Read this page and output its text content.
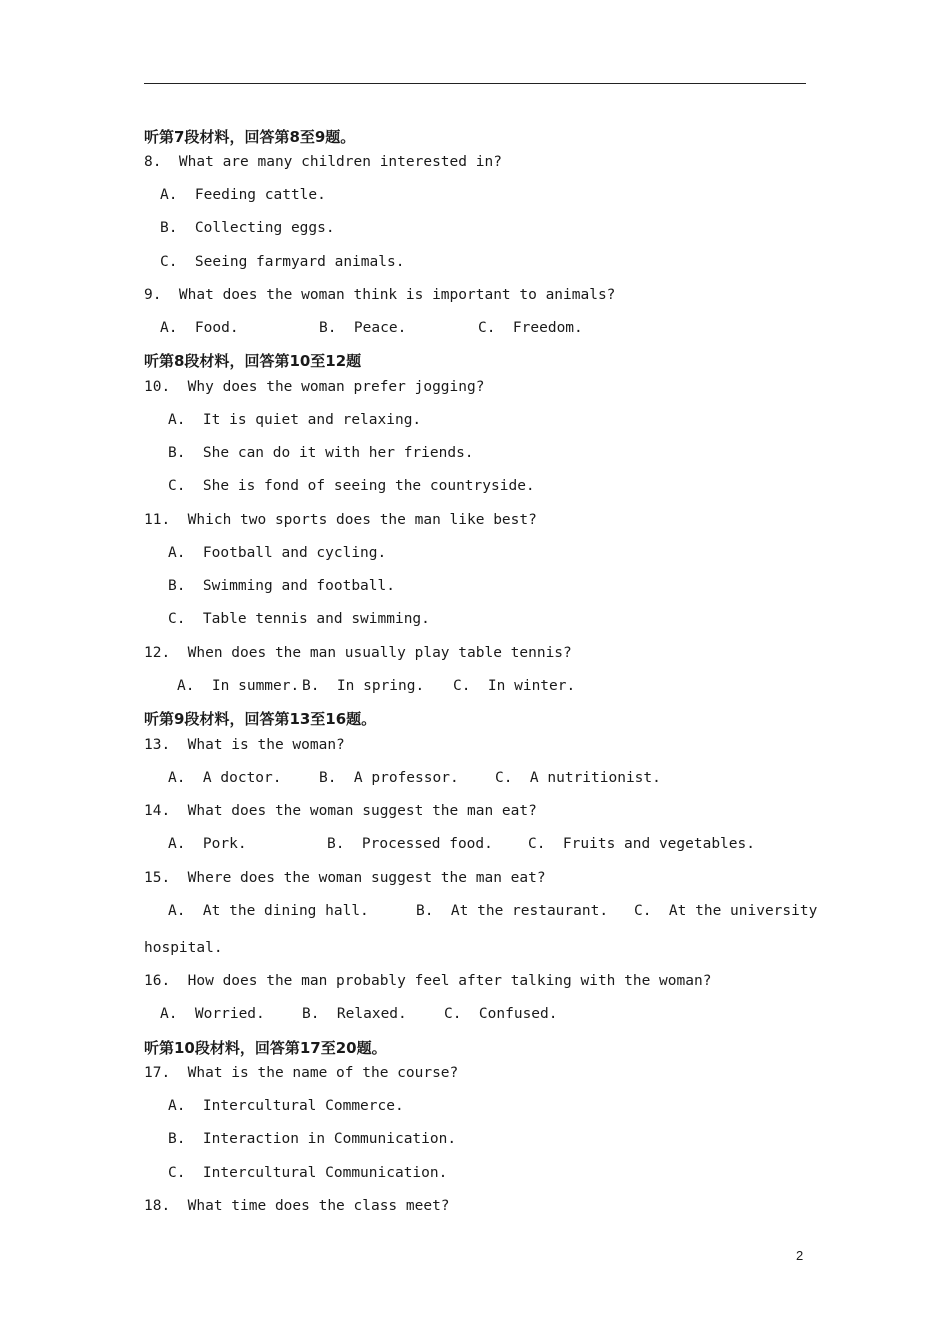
听第7段材料，回答第8至9题。
8.  What are many children interested in?
A.  Feeding cattle.
B.  Collecting eggs.
C.  Seeing farmyard animals.
9.  What does the woman think is important to animals?
A.  Food.	B.  Peace.	C.  Freedom.
听第8段材料，回答第10至12题
10.  Why does the woman prefer jogging?
A.  It is quiet and relaxing.
B.  She can do it with her friends.
C.  She is fond of seeing the countryside.
11.  Which two sports does the man like best?
A.  Football and cycling.
B.  Swimming and football.
C.  Table tennis and swimming.
12.  When does the man usually play table tennis?
A.  In summer. B.  In spring. C.  In winter.
听第9段材料，回答第13至16题。
13.  What is the woman?
A.  A doctor.	B.  A professor.	C.  A nutritionist.
14.  What does the woman suggest the man eat?
A.  Pork.	B.  Processed food. C.  Fruits and vegetables.
15.  Where does the woman suggest the man eat?
A.  At the dining hall.	B.  At the restaurant. C.  At the university
hospital.
16.  How does the man probably feel after talking with the woman?
A.  Worried.	B.  Relaxed.	C.  Confused.
听第10段材料，回答第17至20题。
17.  What is the name of the course?
A.  Intercultural Commerce.
B.  Interaction in Communication.
C.  Intercultural Communication.
18.  What time does the class meet?
2
